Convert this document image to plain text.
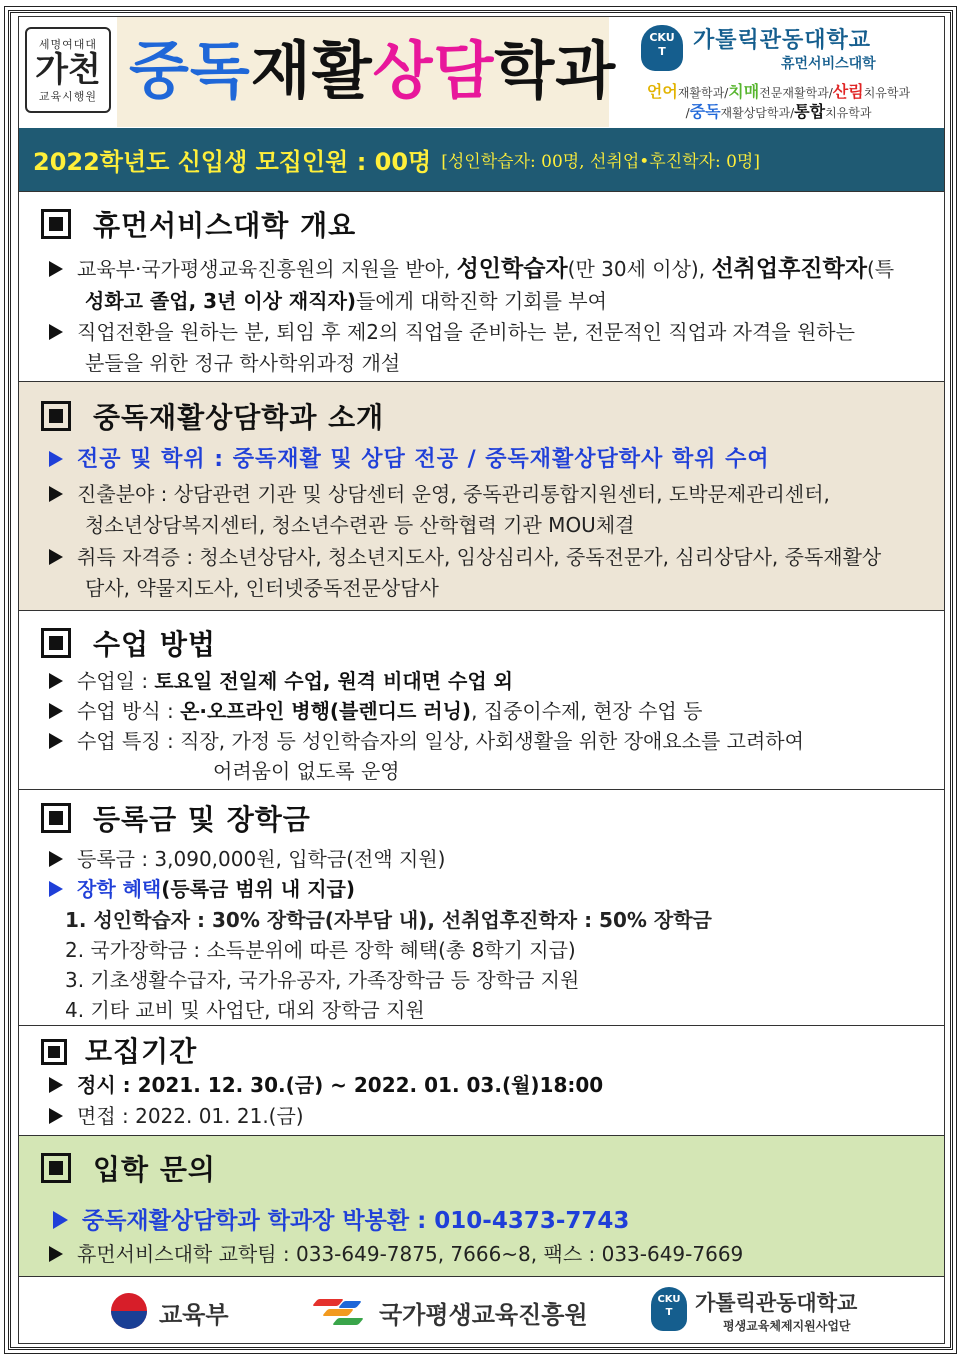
세명여대대
가천
교육시행원 중독재활상담학과	CKU
T	가톨릭관동대학교
휴먼서비스대학
언어재활학과/치매전문재활학과/산림치유학과
/중독재활상담학과/통합치유학과
2022학년도 신입생 모집인원 : 00명 [성인학습자: 00명, 선취업•후진학자: 0명]
휴먼서비스대학 개요
교육부·국가평생교육진흥원의 지원을 받아, 성인학습자(만 30세 이상), 선취업후진학자(특
성화고 졸업, 3년 이상 재직자)들에게 대학진학 기회를 부여
직업전환을 원하는 분, 퇴임 후 제2의 직업을 준비하는 분, 전문적인 직업과 자격을 원하는
분들을 위한 정규 학사학위과정 개설
중독재활상담학과 소개
전공 및 학위 : 중독재활 및 상담 전공 / 중독재활상담학사 학위 수여
진출분야 : 상담관련 기관 및 상담센터 운영, 중독관리통합지원센터, 도박문제관리센터,
청소년상담복지센터, 청소년수련관 등 산학협력 기관 MOU체결
취득 자격증 : 청소년상담사, 청소년지도사, 임상심리사, 중독전문가, 심리상담사, 중독재활상
담사, 약물지도사, 인터넷중독전문상담사
수업 방법
수업일 : 토요일 전일제 수업, 원격 비대면 수업 외
수업 방식 : 온·오프라인 병행(블렌디드 러닝), 집중이수제, 현장 수업 등
수업 특징 : 직장, 가정 등 성인학습자의 일상, 사회생활을 위한 장애요소를 고려하여
어려움이 없도록 운영
등록금 및 장학금
등록금 : 3,090,000원, 입학금(전액 지원)
장학 혜택(등록금 범위 내 지급)
1. 성인학습자 : 30% 장학금(자부담 내), 선취업후진학자 : 50% 장학금
2. 국가장학금 : 소득분위에 따른 장학 혜택(총 8학기 지급)
3. 기초생활수급자, 국가유공자, 가족장학금 등 장학금 지원
4. 기타 교비 및 사업단, 대외 장학금 지원
모집기간
정시 : 2021. 12. 30.(금) ~ 2022. 01. 03.(월)18:00
면접 : 2022. 01. 21.(금)
입학 문의
중독재활상담학과 학과장 박봉환 : 010-4373-7743
휴먼서비스대학 교학팀 : 033-649-7875, 7666~8, 팩스 : 033-649-7669
교육부	국가평생교육진흥원
CKU
T	가톨릭관동대학교
평생교육체제지원사업단
